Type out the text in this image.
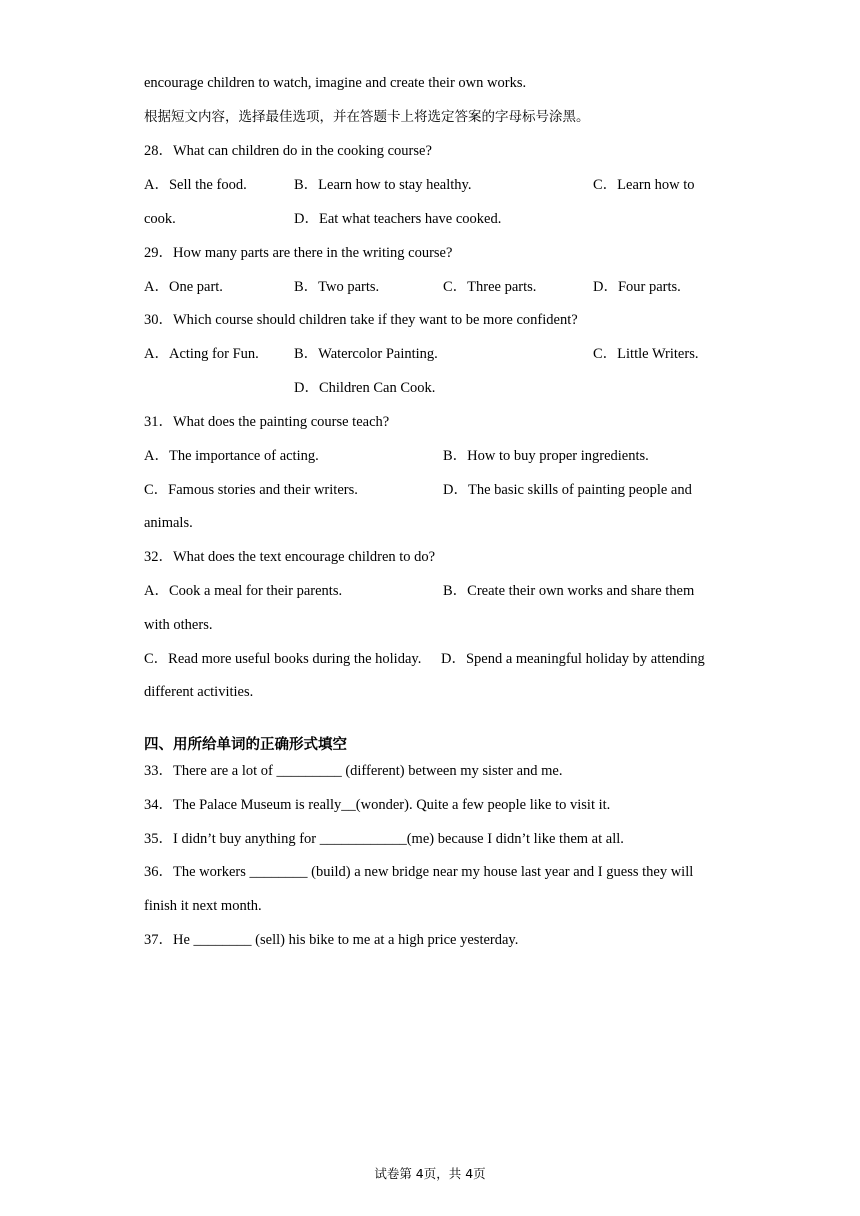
encourage children to watch, imagine and create their own works.
根据短文内容，选择最佳选项，并在答题卡上将选定答案的字母标号涂黑。
28．What can children do in the cooking course?
A．Sell the food.	B．Learn how to stay healthy.	C．Learn how to
cook.	D．Eat what teachers have cooked.
29．How many parts are there in the writing course?
A．One part.	B．Two parts.	C．Three parts.	D．Four parts.
30．Which course should children take if they want to be more confident?
A．Acting for Fun. B．Watercolor Painting.	C．Little Writers.
D．Children Can Cook.
31．What does the painting course teach?
A．The importance of acting.	B．How to buy proper ingredients.
C．Famous stories and their writers.	D．The basic skills of painting people and
animals.
32．What does the text encourage children to do?
A．Cook a meal for their parents.	B．Create their own works and share them
with others.
C．Read more useful books during the holiday. D．Spend a meaningful holiday by attending
different activities.
四、用所给单词的正确形式填空
33．There are a lot of _________ (different) between my sister and me.
34．The Palace Museum is really__(wonder). Quite a few people like to visit it.
35．I didn’t buy anything for ____________(me) because I didn’t like them at all.
36．The workers ________ (build) a new bridge near my house last year and I guess they will
finish it next month.
37．He ________ (sell) his bike to me at a high price yesterday.
试卷第 4页，共 4页
